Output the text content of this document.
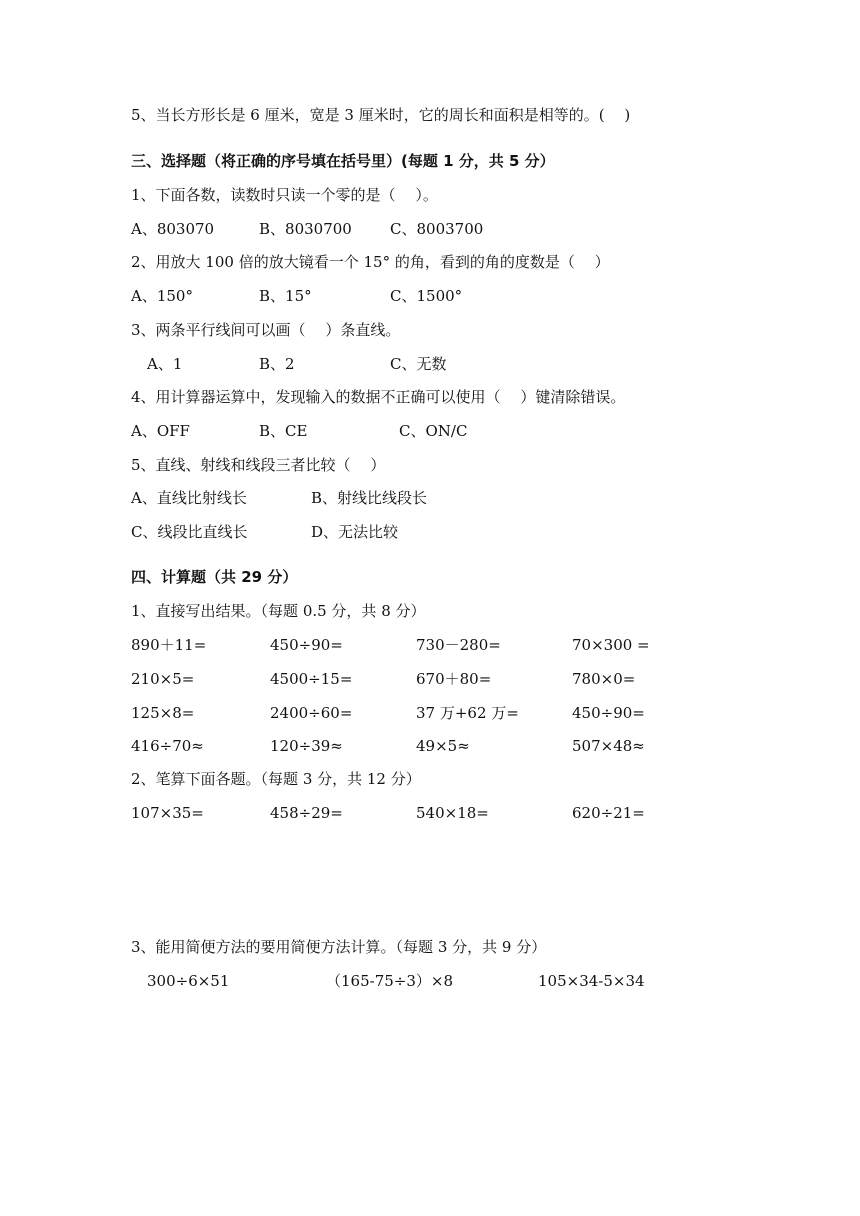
5、当长方形长是 6 厘米，宽是 3 厘米时，它的周长和面积是相等的。(　 )
三、选择题（将正确的序号填在括号里）(每题 1 分，共 5 分）
1、下面各数，读数时只读一个零的是（　 ）。
A、803070	B、8030700	C、8003700
2、用放大 100 倍的放大镜看一个 15° 的角，看到的角的度数是（　 ）
A、150°	B、15°	C、1500°
3、两条平行线间可以画（　 ）条直线。
A、1	B、2	C、无数
4、用计算器运算中，发现输入的数据不正确可以使用（　 ）键清除错误。
A、OFF	B、CE	C、ON/C
5、直线、射线和线段三者比较（　 ）
A、直线比射线长	B、射线比线段长
C、线段比直线长	D、无法比较
四、计算题（共 29 分）
1、直接写出结果。（每题 0.5 分，共 8 分）
890＋11=	450÷90=	730－280=	70×300 =
210×5=	4500÷15=	670＋80=	780×0=
125×8=	2400÷60=	37 万+62 万=	450÷90=
416÷70≈	120÷39≈	49×5≈	507×48≈
2、笔算下面各题。（每题 3 分，共 12 分）
107×35=	458÷29=	540×18=	620÷21=
3、能用简便方法的要用简便方法计算。（每题 3 分，共 9 分）
300÷6×51	（165-75÷3）×8	105×34-5×34
